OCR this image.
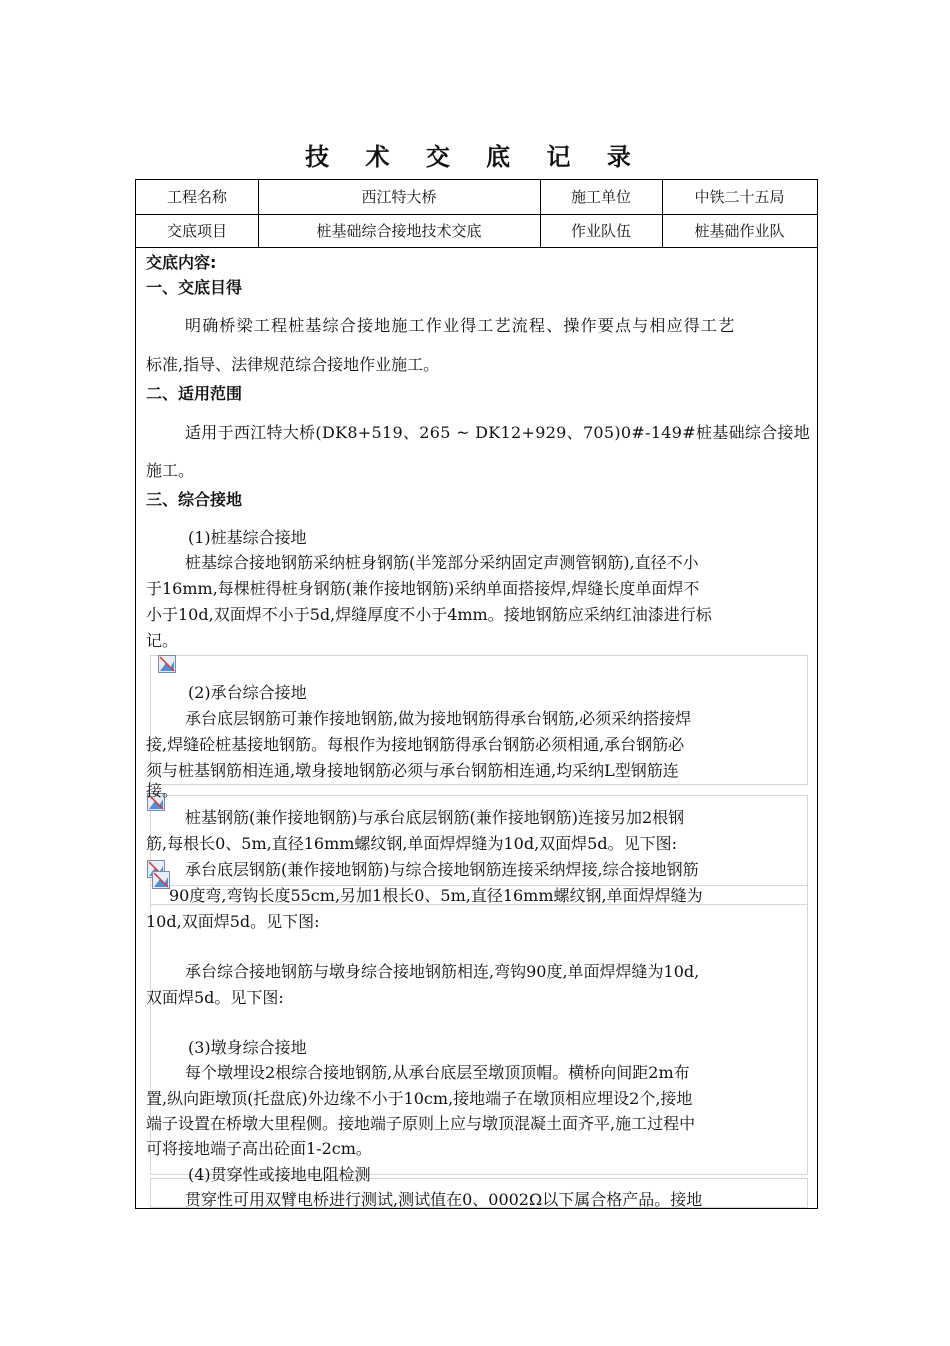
技 术 交 底 记 录
工程名称	西江特大桥	施工单位	中铁二十五局
交底项目	桩基础综合接地技术交底	作业队伍	桩基础作业队
交底内容:
一、交底目得
明确桥梁工程桩基综合接地施工作业得工艺流程、操作要点与相应得工艺
标准,指导、法律规范综合接地作业施工。
二、适用范围
适用于西江特大桥(DK8+519、265 ~ DK12+929、705)0#-149#桩基础综合接地
施工。
三、综合接地
(1)桩基综合接地
桩基综合接地钢筋采纳桩身钢筋(半笼部分采纳固定声测管钢筋),直径不小
于16mm,每棵桩得桩身钢筋(兼作接地钢筋)采纳单面搭接焊,焊缝长度单面焊不
小于10d,双面焊不小于5d,焊缝厚度不小于4mm。接地钢筋应采纳红油漆进行标
记。
(2)承台综合接地
承台底层钢筋可兼作接地钢筋,做为接地钢筋得承台钢筋,必须采纳搭接焊
接,焊缝砼桩基接地钢筋。每根作为接地钢筋得承台钢筋必须相通,承台钢筋必
须与桩基钢筋相连通,墩身接地钢筋必须与承台钢筋相连通,均采纳L型钢筋连
接。
桩基钢筋(兼作接地钢筋)与承台底层钢筋(兼作接地钢筋)连接另加2根钢
筋,每根长0、5m,直径16mm螺纹钢,单面焊焊缝为10d,双面焊5d。见下图:
承台底层钢筋(兼作接地钢筋)与综合接地钢筋连接采纳焊接,综合接地钢筋
90度弯,弯钩长度55cm,另加1根长0、5m,直径16mm螺纹钢,单面焊焊缝为
10d,双面焊5d。见下图:
承台综合接地钢筋与墩身综合接地钢筋相连,弯钩90度,单面焊焊缝为10d,
双面焊5d。见下图:
(3)墩身综合接地
每个墩埋设2根综合接地钢筋,从承台底层至墩顶顶帽。横桥向间距2m布
置,纵向距墩顶(托盘底)外边缘不小于10cm,接地端子在墩顶相应埋设2个,接地
端子设置在桥墩大里程侧。接地端子原则上应与墩顶混凝土面齐平,施工过程中
可将接地端子高出砼面1-2cm。
(4)贯穿性或接地电阻检测
贯穿性可用双臂电桥进行测试,测试值在0、0002Ω以下属合格产品。接地
